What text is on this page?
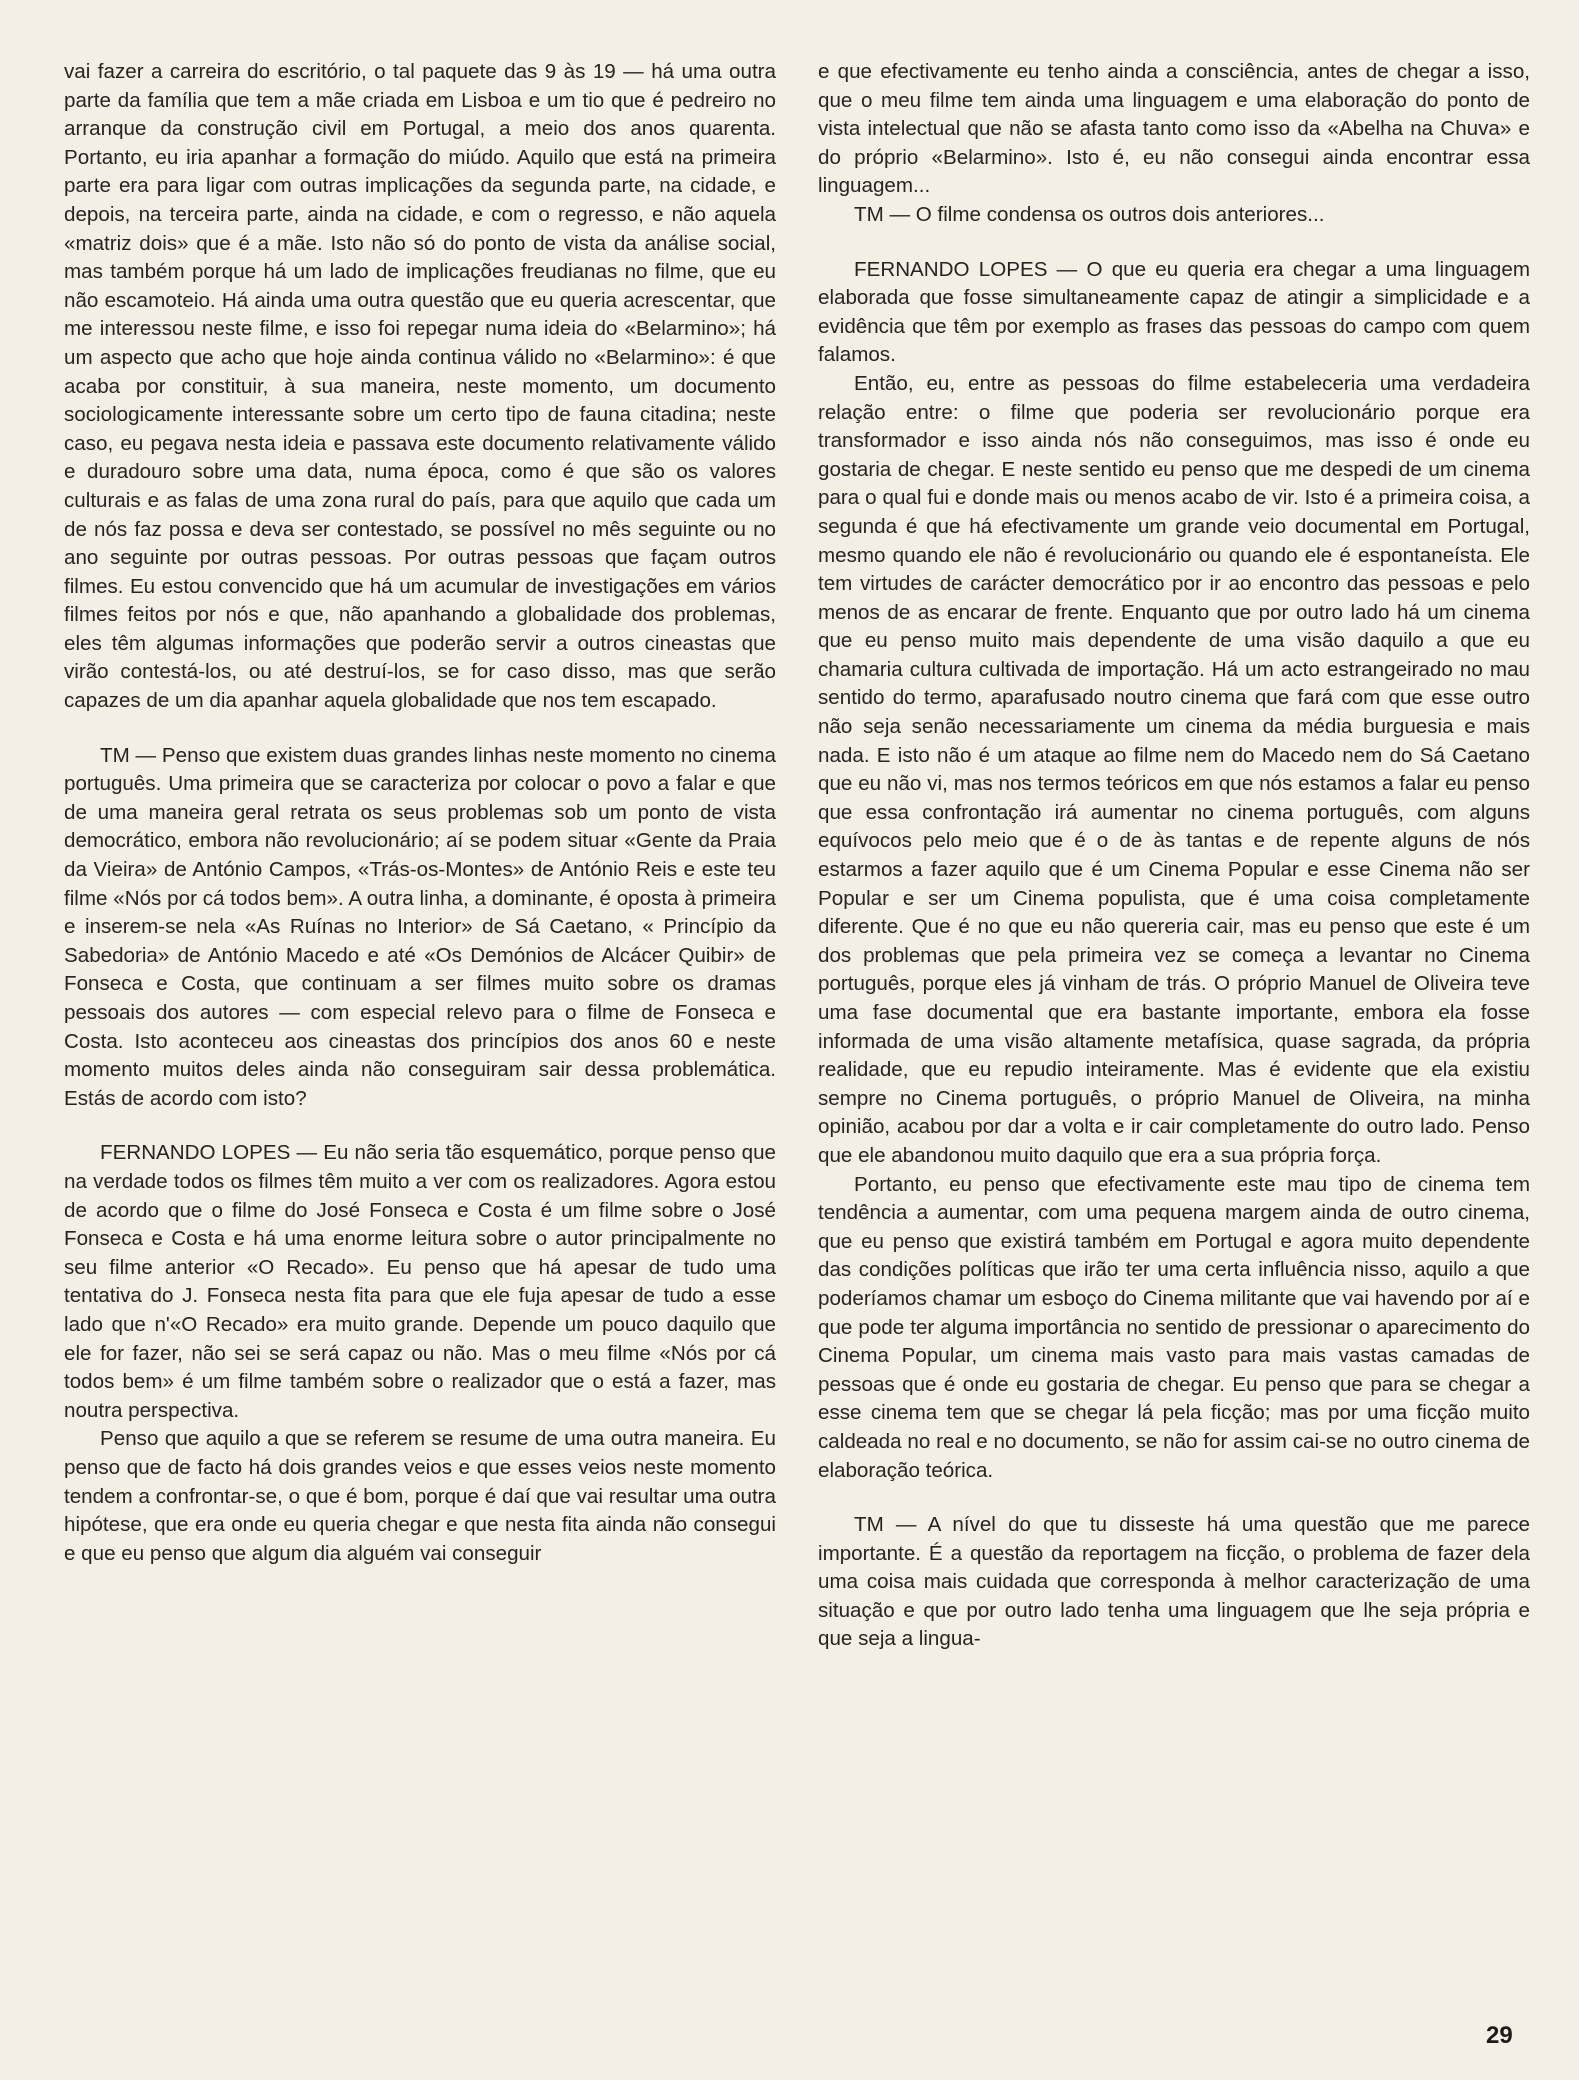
vai fazer a carreira do escritório, o tal paquete das 9 às 19 — há uma outra parte da família que tem a mãe criada em Lisboa e um tio que é pedreiro no arranque da construção civil em Portugal, a meio dos anos quarenta. Portanto, eu iria apanhar a formação do miúdo. Aquilo que está na primeira parte era para ligar com outras implicações da segunda parte, na cidade, e depois, na terceira parte, ainda na cidade, e com o regresso, e não aquela «matriz dois» que é a mãe. Isto não só do ponto de vista da análise social, mas também porque há um lado de implicações freudianas no filme, que eu não escamoteio. Há ainda uma outra questão que eu queria acrescentar, que me interessou neste filme, e isso foi repegar numa ideia do «Belarmino»; há um aspecto que acho que hoje ainda continua válido no «Belarmino»: é que acaba por constituir, à sua maneira, neste momento, um documento sociologicamente interessante sobre um certo tipo de fauna citadina; neste caso, eu pegava nesta ideia e passava este documento relativamente válido e duradouro sobre uma data, numa época, como é que são os valores culturais e as falas de uma zona rural do país, para que aquilo que cada um de nós faz possa e deva ser contestado, se possível no mês seguinte ou no ano seguinte por outras pessoas. Por outras pessoas que façam outros filmes. Eu estou convencido que há um acumular de investigações em vários filmes feitos por nós e que, não apanhando a globalidade dos problemas, eles têm algumas informações que poderão servir a outros cineastas que virão contestá-los, ou até destruí-los, se for caso disso, mas que serão capazes de um dia apanhar aquela globalidade que nos tem escapado.

TM — Penso que existem duas grandes linhas neste momento no cinema português. Uma primeira que se caracteriza por colocar o povo a falar e que de uma maneira geral retrata os seus problemas sob um ponto de vista democrático, embora não revolucionário; aí se podem situar «Gente da Praia da Vieira» de António Campos, «Trás-os-Montes» de António Reis e este teu filme «Nós por cá todos bem». A outra linha, a dominante, é oposta à primeira e inserem-se nela «As Ruínas no Interior» de Sá Caetano, « Princípio da Sabedoria» de António Macedo e até «Os Demónios de Alcácer Quibir» de Fonseca e Costa, que continuam a ser filmes muito sobre os dramas pessoais dos autores — com especial relevo para o filme de Fonseca e Costa. Isto aconteceu aos cineastas dos princípios dos anos 60 e neste momento muitos deles ainda não conseguiram sair dessa problemática. Estás de acordo com isto?

FERNANDO LOPES — Eu não seria tão esquemático, porque penso que na verdade todos os filmes têm muito a ver com os realizadores. Agora estou de acordo que o filme do José Fonseca e Costa é um filme sobre o José Fonseca e Costa e há uma enorme leitura sobre o autor principalmente no seu filme anterior «O Recado». Eu penso que há apesar de tudo uma tentativa do J. Fonseca nesta fita para que ele fuja apesar de tudo a esse lado que n'«O Recado» era muito grande. Depende um pouco daquilo que ele for fazer, não sei se será capaz ou não. Mas o meu filme «Nós por cá todos bem» é um filme também sobre o realizador que o está a fazer, mas noutra perspectiva.

Penso que aquilo a que se referem se resume de uma outra maneira. Eu penso que de facto há dois grandes veios e que esses veios neste momento tendem a confrontar-se, o que é bom, porque é daí que vai resultar uma outra hipótese, que era onde eu queria chegar e que nesta fita ainda não consegui e que eu penso que algum dia alguém vai conseguir

e que efectivamente eu tenho ainda a consciência, antes de chegar a isso, que o meu filme tem ainda uma linguagem e uma elaboração do ponto de vista intelectual que não se afasta tanto como isso da «Abelha na Chuva» e do próprio «Belarmino». Isto é, eu não consegui ainda encontrar essa linguagem...

TM — O filme condensa os outros dois anteriores...

FERNANDO LOPES — O que eu queria era chegar a uma linguagem elaborada que fosse simultaneamente capaz de atingir a simplicidade e a evidência que têm por exemplo as frases das pessoas do campo com quem falamos.

Então, eu, entre as pessoas do filme estabeleceria uma verdadeira relação entre: o filme que poderia ser revolucionário porque era transformador e isso ainda nós não conseguimos, mas isso é onde eu gostaria de chegar. E neste sentido eu penso que me despedi de um cinema para o qual fui e donde mais ou menos acabo de vir. Isto é a primeira coisa, a segunda é que há efectivamente um grande veio documental em Portugal, mesmo quando ele não é revolucionário ou quando ele é espontaneísta. Ele tem virtudes de carácter democrático por ir ao encontro das pessoas e pelo menos de as encarar de frente. Enquanto que por outro lado há um cinema que eu penso muito mais dependente de uma visão daquilo a que eu chamaria cultura cultivada de importação. Há um acto estrangeirado no mau sentido do termo, aparafusado noutro cinema que fará com que esse outro não seja senão necessariamente um cinema da média burguesia e mais nada. E isto não é um ataque ao filme nem do Macedo nem do Sá Caetano que eu não vi, mas nos termos teóricos em que nós estamos a falar eu penso que essa confrontação irá aumentar no cinema português, com alguns equívocos pelo meio que é o de às tantas e de repente alguns de nós estarmos a fazer aquilo que é um Cinema Popular e esse Cinema não ser Popular e ser um Cinema populista, que é uma coisa completamente diferente. Que é no que eu não quereria cair, mas eu penso que este é um dos problemas que pela primeira vez se começa a levantar no Cinema português, porque eles já vinham de trás. O próprio Manuel de Oliveira teve uma fase documental que era bastante importante, embora ela fosse informada de uma visão altamente metafísica, quase sagrada, da própria realidade, que eu repudio inteiramente. Mas é evidente que ela existiu sempre no Cinema português, o próprio Manuel de Oliveira, na minha opinião, acabou por dar a volta e ir cair completamente do outro lado. Penso que ele abandonou muito daquilo que era a sua própria força.

Portanto, eu penso que efectivamente este mau tipo de cinema tem tendência a aumentar, com uma pequena margem ainda de outro cinema, que eu penso que existirá também em Portugal e agora muito dependente das condições políticas que irão ter uma certa influência nisso, aquilo a que poderíamos chamar um esboço do Cinema militante que vai havendo por aí e que pode ter alguma importância no sentido de pressionar o aparecimento do Cinema Popular, um cinema mais vasto para mais vastas camadas de pessoas que é onde eu gostaria de chegar. Eu penso que para se chegar a esse cinema tem que se chegar lá pela ficção; mas por uma ficção muito caldeada no real e no documento, se não for assim cai-se no outro cinema de elaboração teórica.

TM — A nível do que tu disseste há uma questão que me parece importante. É a questão da reportagem na ficção, o problema de fazer dela uma coisa mais cuidada que corresponda à melhor caracterização de uma situação e que por outro lado tenha uma linguagem que lhe seja própria e que seja a lingua-

29
